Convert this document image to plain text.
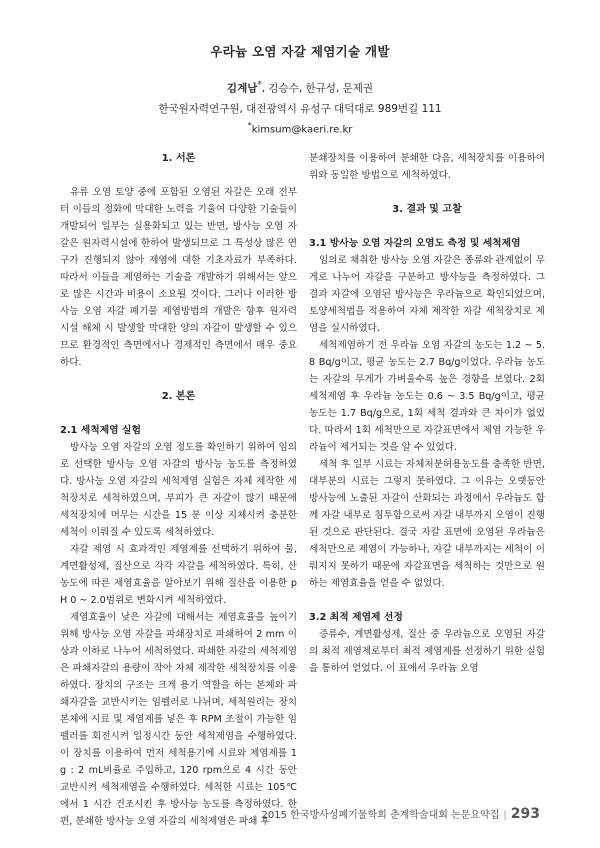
우라늄 오염 자갈 제염기술 개발
김계남*, 김승수, 한규성, 문제권
한국원자력연구원, 대전광역시 유성구 대덕대로 989번길 111
*kimsum@kaeri.re.kr

1. 서론

유류 오염 토양 중에 포함된 오염된 자갈은 오래 전부터 이들의 정화에 막대한 노력을 기울여 다양한 기술들이 개발되어 일부는 실용화되고 있는 반면, 방사능 오염 자갈은 원자력시설에 한하여 발생되므로 그 특성상 많은 연구가 진행되지 않아 제염에 대한 기초자료가 부족하다. 따라서 이들을 제염하는 기술을 개발하기 위해서는 앞으로 많은 시간과 비용이 소요될 것이다. 그러나 이러한 방사능 오염 자갈 폐기물 제염방법의 개발은 향후 원자력 시설 해체 시 발생할 막대한 양의 자갈이 발생할 수 있으므로 환경적인 측면에서나 경제적인 측면에서 매우 중요하다.

2. 본론

2.1 세척제염 실험

방사능 오염 자갈의 오염 정도를 확인하기 위하여 임의로 선택한 방사능 오염 자갈의 방사능 농도를 측정하였다. 방사능 오염 자갈의 세척제염 실험은 자체 제작한 세척장치로 세척하였으며, 부피가 큰 자갈이 많기 때문에 세척장치에 머무는 시간을 15 분 이상 지체시켜 충분한 세척이 이뤄질 수 있도록 세척하였다.

자갈 제염 시 효과적인 제염제를 선택하기 위하여 물, 계면활성제, 질산으로 각각 자갈을 세척하였다. 특히, 산 농도에 따른 제염효율을 알아보기 위해 질산을 이용한 pH 0 ~ 2.0범위로 변화시켜 세척하였다.

제염효율이 낮은 자갈에 대해서는 제염효율을 높이기 위해 방사능 오염 자갈을 파쇄장치로 파쇄하여 2 mm 이상과 이하로 나누어 세척하였다. 파쇄한 자갈의 세척제염은 파쇄자갈의 용량이 작아 자체 제작한 세척장치를 이용하였다. 장치의 구조는 크게 용기 역할을 하는 본체와 파쇄자갈을 교반시키는 임펠러로 나뉘며, 세척원리는 장치 본체에 시료 및 제염제를 넣은 후 RPM 조절이 가능한 임펠러를 회전시켜 일정시간 동안 세척제염을 수행하였다. 이 장치를 이용하여 먼저 세척용기에 시료와 제염제를 1 g : 2 mL비율로 주입하고, 120 rpm으로 4 시간 동안 교반시켜 세척제염을 수행하였다. 세척한 시료는 105℃에서 1 시간 건조시킨 후 방사능 농도를 측정하였다. 한편, 분쇄한 방사능 오염 자갈의 세척제염은 파쇄 후

분쇄장치를 이용하여 분쇄한 다음, 세척장치를 이용하여 위와 동일한 방법으로 세척하였다.

3. 결과 및 고찰

3.1 방사능 오염 자갈의 오염도 측정 및 세척제염

임의로 채취한 방사능 오염 자갈은 종류와 관계없이 무게로 나누어 자갈을 구분하고 방사능을 측정하였다. 그 결과 자갈에 오염된 방사능은 우라늄으로 확인되었으며, 토양세척법을 적용하여 자체 제작한 자갈 세척장치로 제염을 실시하였다.

세척제염하기 전 우라늄 오염 자갈의 농도는 1.2 ~ 5.8 Bq/g이고, 평균 농도는 2.7 Bq/g이었다. 우라늄 농도는 자갈의 무게가 가벼울수록 높은 경향을 보였다. 2회 세척제염 후 우라늄 농도는 0.6 ~ 3.5 Bq/g이고, 평균농도는 1.7 Bq/g으로, 1회 세척 결과와 큰 차이가 없었다. 따라서 1회 세척만으로 자갈표면에서 제염 가능한 우라늄이 제거되는 것을 알 수 있었다.

세척 후 일부 시료는 자체처분허용농도를 충족한 반면, 대부분의 시료는 그렇지 못하였다. 그 이유는 오랫동안 방사능에 노출된 자갈이 산화되는 과정에서 우라늄도 함께 자갈 내부로 침투함으로써 자갈 내부까지 오염이 진행된 것으로 판단된다. 결국 자갈 표면에 오염된 우라늄은 세척만으로 제염이 가능하나, 자갈 내부까지는 세척이 이뤄지지 못하기 때문에 자갈표면을 세척하는 것만으로 원하는 제염효율을 얻을 수 없었다.

3.2 최적 제염제 선정

증류수, 계면활성제, 질산 중 우라늄으로 오염된 자갈의 최적 제염제로부터 최적 제염제를 선정하기 위한 실험을 통하여 얻었다. 이 표에서 우라늄 오염

2015 한국방사성폐기물학회 춘계학술대회 논문요약집 | 293
